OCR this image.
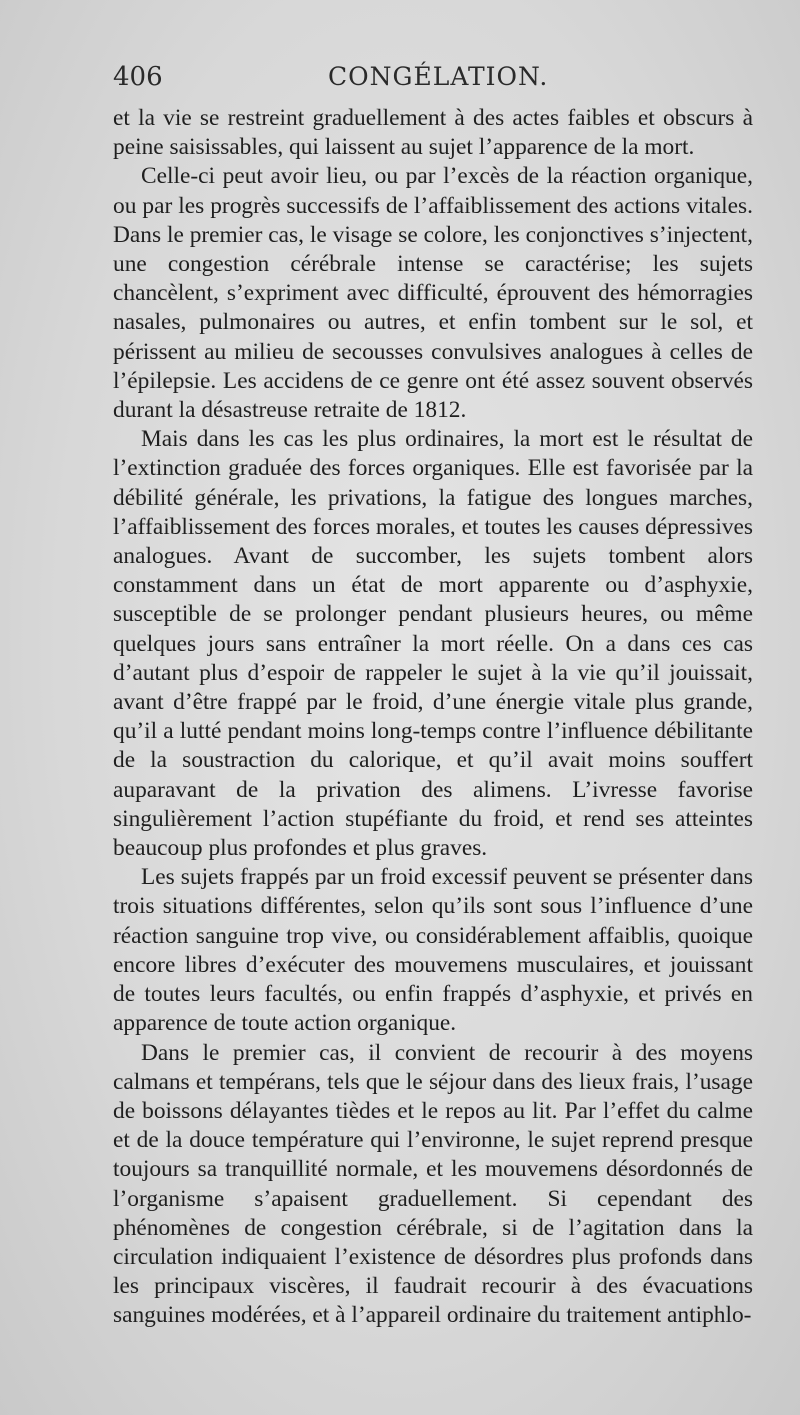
406	CONGÉLATION.

et la vie se restreint graduellement à des actes faibles et obscurs à peine saisissables, qui laissent au sujet l’apparence de la mort.

Celle-ci peut avoir lieu, ou par l’excès de la réaction organique, ou par les progrès successifs de l’affaiblissement des actions vitales. Dans le premier cas, le visage se colore, les conjonctives s’injectent, une congestion cérébrale intense se caractérise; les sujets chancèlent, s’expriment avec difficulté, éprouvent des hémorragies nasales, pulmonaires ou autres, et enfin tombent sur le sol, et périssent au milieu de secousses convulsives analogues à celles de l’épilepsie. Les accidens de ce genre ont été assez souvent observés durant la désastreuse retraite de 1812.

Mais dans les cas les plus ordinaires, la mort est le résultat de l’extinction graduée des forces organiques. Elle est favorisée par la débilité générale, les privations, la fatigue des longues marches, l’affaiblissement des forces morales, et toutes les causes dépressives analogues. Avant de succomber, les sujets tombent alors constamment dans un état de mort apparente ou d’asphyxie, susceptible de se prolonger pendant plusieurs heures, ou même quelques jours sans entraîner la mort réelle. On a dans ces cas d’autant plus d’espoir de rappeler le sujet à la vie qu’il jouissait, avant d’être frappé par le froid, d’une énergie vitale plus grande, qu’il a lutté pendant moins long-temps contre l’influence débilitante de la soustraction du calorique, et qu’il avait moins souffert auparavant de la privation des alimens. L’ivresse favorise singulièrement l’action stupéfiante du froid, et rend ses atteintes beaucoup plus profondes et plus graves.

Les sujets frappés par un froid excessif peuvent se présenter dans trois situations différentes, selon qu’ils sont sous l’influence d’une réaction sanguine trop vive, ou considérablement affaiblis, quoique encore libres d’exécuter des mouvemens musculaires, et jouissant de toutes leurs facultés, ou enfin frappés d’asphyxie, et privés en apparence de toute action organique.

Dans le premier cas, il convient de recourir à des moyens calmans et tempérans, tels que le séjour dans des lieux frais, l’usage de boissons délayantes tièdes et le repos au lit. Par l’effet du calme et de la douce température qui l’environne, le sujet reprend presque toujours sa tranquillité normale, et les mouvemens désordonnés de l’organisme s’apaisent graduellement. Si cependant des phénomènes de congestion cérébrale, si de l’agitation dans la circulation indiquaient l’existence de désordres plus profonds dans les principaux viscères, il faudrait recourir à des évacuations sanguines modérées, et à l’appareil ordinaire du traitement antiphlo-
